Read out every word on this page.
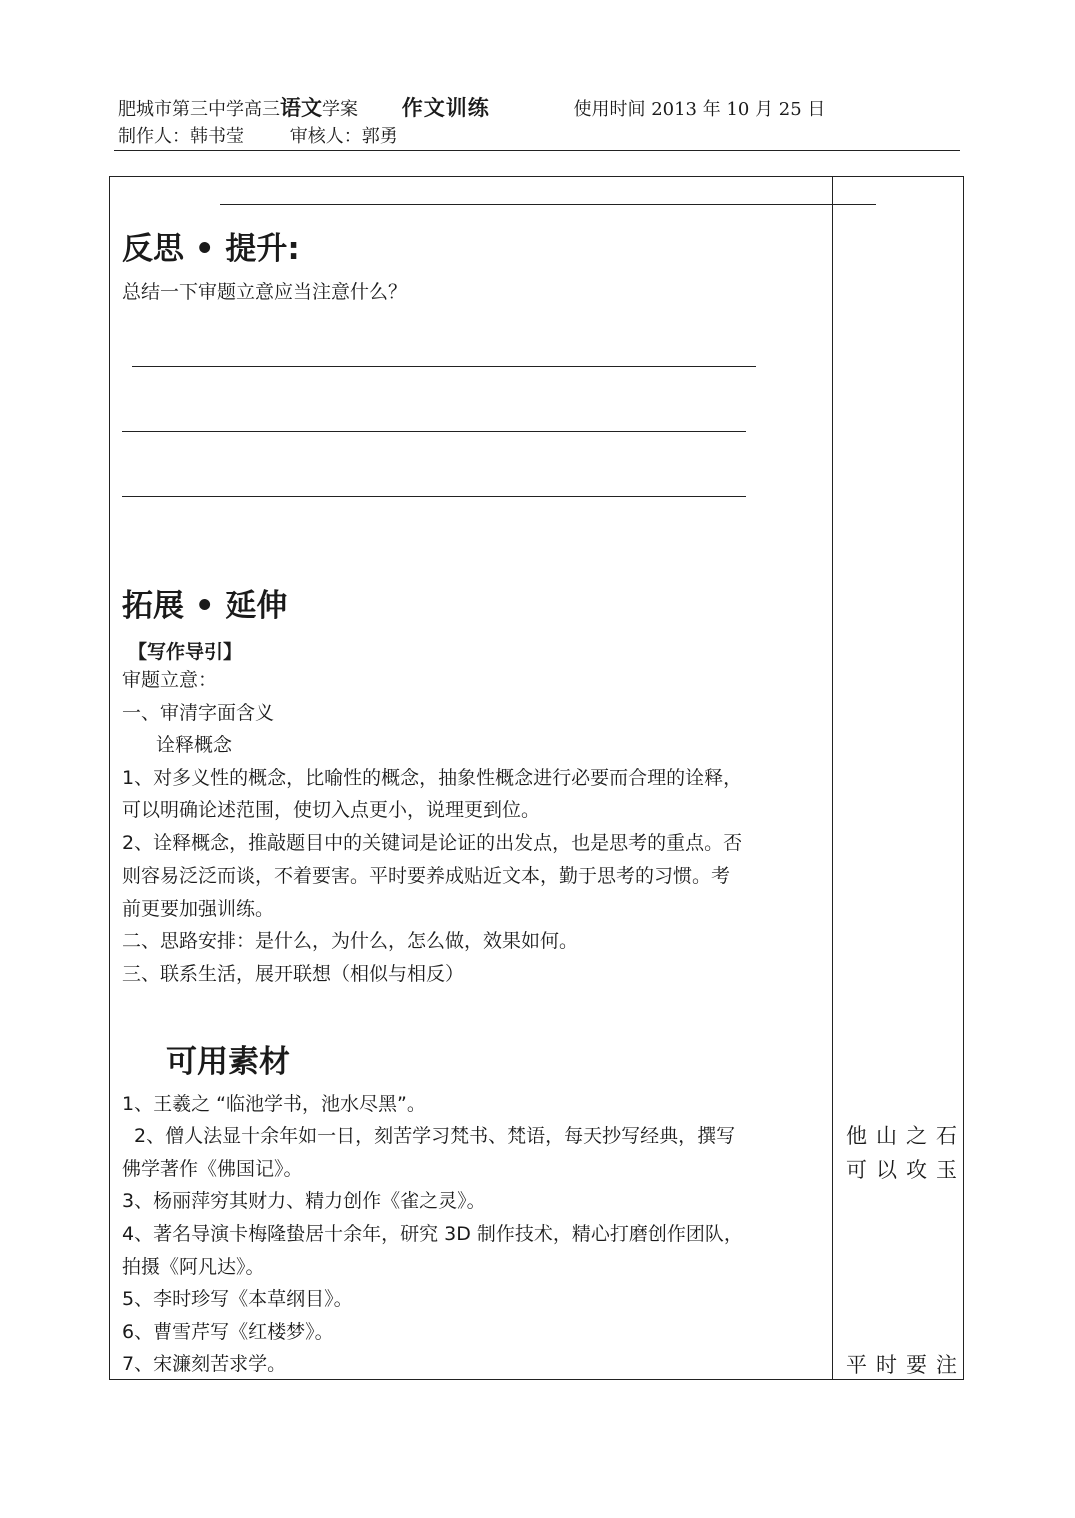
肥城市第三中学高三语文学案 作文训练	使用时间 2013 年 10 月 25 日
制作人：韩书莹	审核人：郭勇
反思 • 提升:
总结一下审题立意应当注意什么？
拓展 • 延伸
【写作导引】
审题立意：
一、审清字面含义
诠释概念
1、对多义性的概念，比喻性的概念，抽象性概念进行必要而合理的诠释，
可以明确论述范围，使切入点更小，说理更到位。
2、诠释概念，推敲题目中的关键词是论证的出发点，也是思考的重点。否
则容易泛泛而谈，不着要害。平时要养成贴近文本，勤于思考的习惯。考
前更要加强训练。
二、思路安排：是什么，为什么，怎么做，效果如何。
三、联系生活，展开联想（相似与相反）
可用素材
1、王羲之 “临池学书，池水尽黑”。
2、僧人法显十余年如一日，刻苦学习梵书、梵语，每天抄写经典，撰写
佛学著作《佛国记》。
3、杨丽萍穷其财力、精力创作《雀之灵》。
4、著名导演卡梅隆蛰居十余年，研究 3D 制作技术，精心打磨创作团队，
拍摄《阿凡达》。
5、李时珍写《本草纲目》。
6、曹雪芹写《红楼梦》。
7、宋濂刻苦求学。
他山之石
可以攻玉
平时要注
